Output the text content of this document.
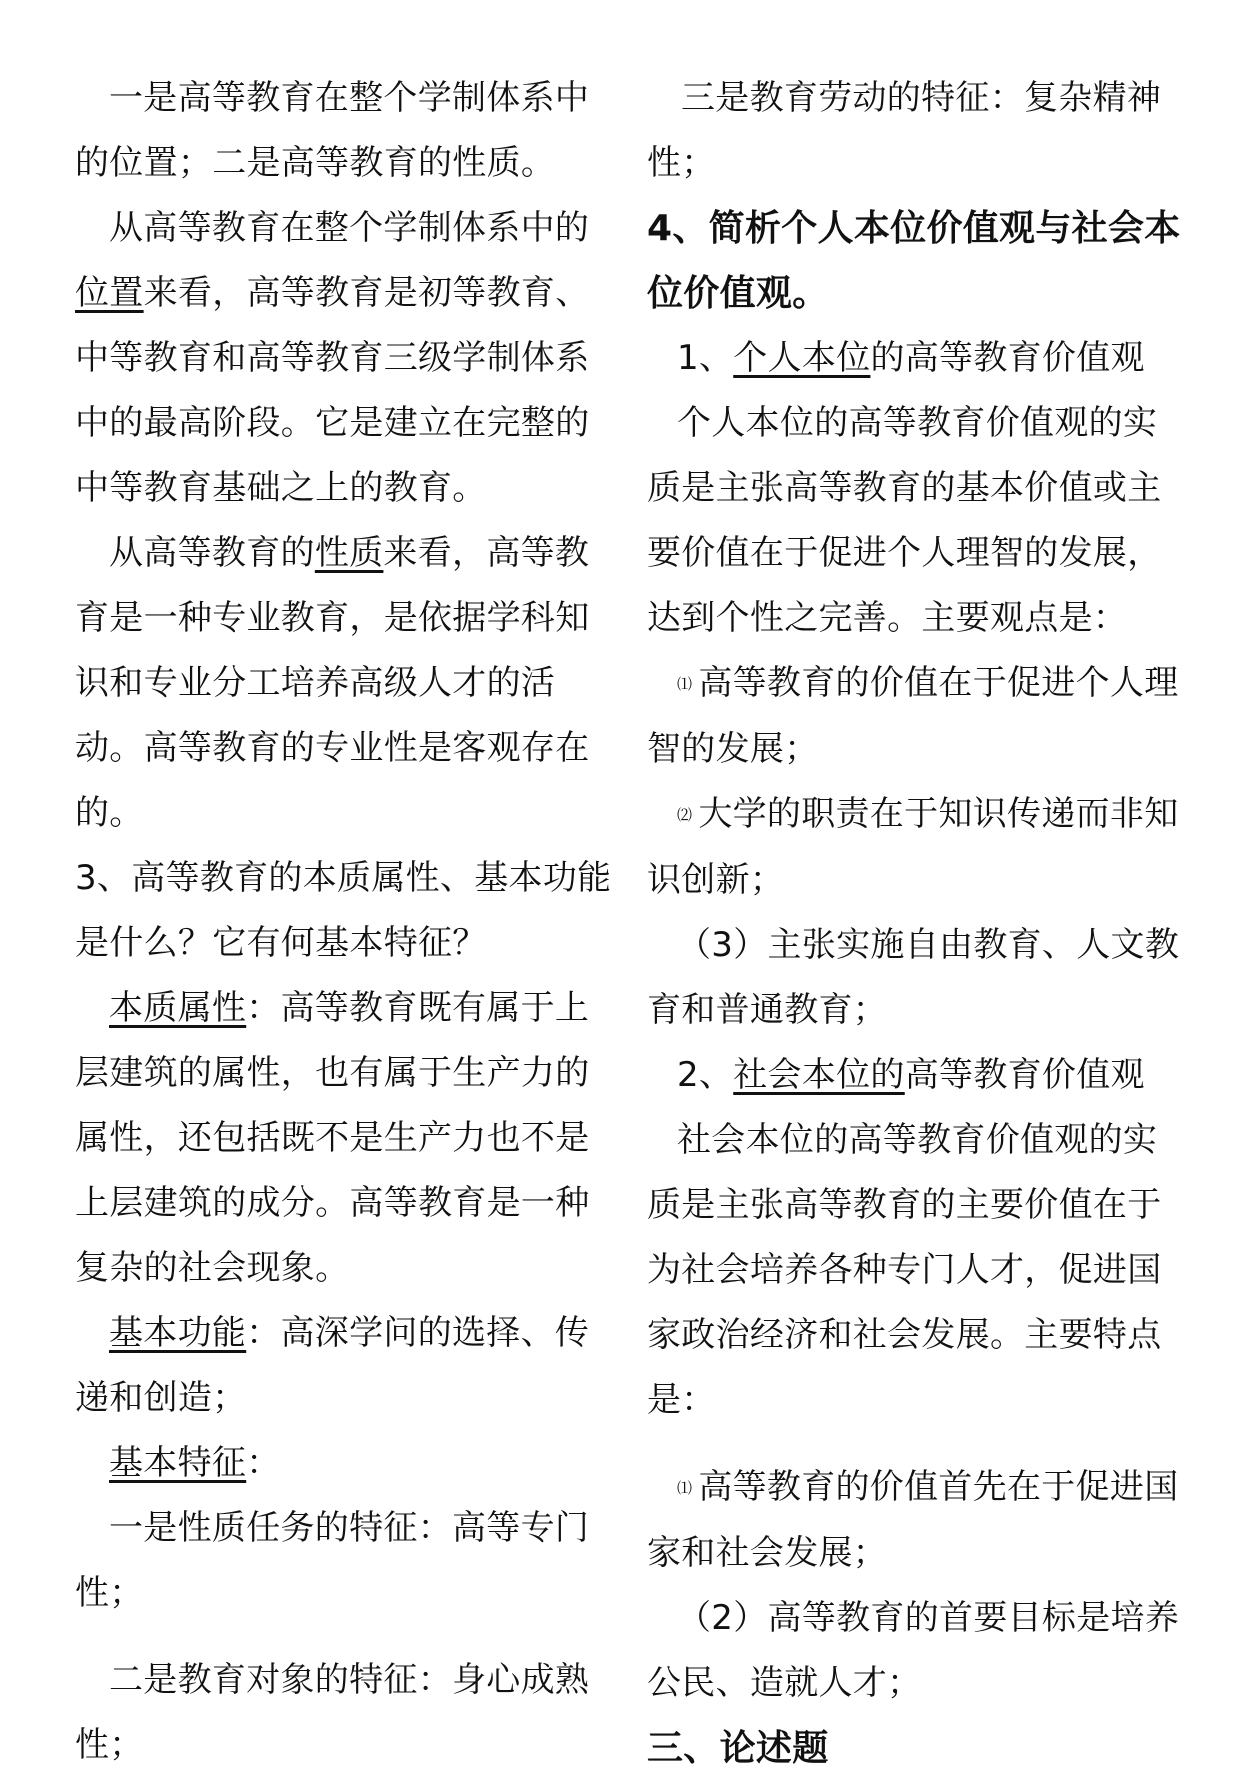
一是高等教育在整个学制体系中的位置；二是高等教育的性质。

从高等教育在整个学制体系中的位置来看，高等教育是初等教育、中等教育和高等教育三级学制体系中的最高阶段。它是建立在完整的中等教育基础之上的教育。

从高等教育的性质来看，高等教育是一种专业教育，是依据学科知识和专业分工培养高级人才的活动。高等教育的专业性是客观存在的。

3、高等教育的本质属性、基本功能是什么？它有何基本特征？

本质属性：高等教育既有属于上层建筑的属性，也有属于生产力的属性，还包括既不是生产力也不是上层建筑的成分。高等教育是一种复杂的社会现象。

基本功能：高深学问的选择、传递和创造；

基本特征：

一是性质任务的特征：高等专门性；

二是教育对象的特征：身心成熟性；

三是教育劳动的特征：复杂精神性；

4、简析个人本位价值观与社会本位价值观。

1、个人本位的高等教育价值观

个人本位的高等教育价值观的实质是主张高等教育的基本价值或主要价值在于促进个人理智的发展，达到个性之完善。主要观点是：

⑴ 高等教育的价值在于促进个人理智的发展；

⑵ 大学的职责在于知识传递而非知识创新；

（3）主张实施自由教育、人文教育和普通教育；

2、社会本位的高等教育价值观

社会本位的高等教育价值观的实质是主张高等教育的主要价值在于为社会培养各种专门人才，促进国家政治经济和社会发展。主要特点是：

⑴ 高等教育的价值首先在于促进国家和社会发展；

（2）高等教育的首要目标是培养公民、造就人才；

三、论述题
